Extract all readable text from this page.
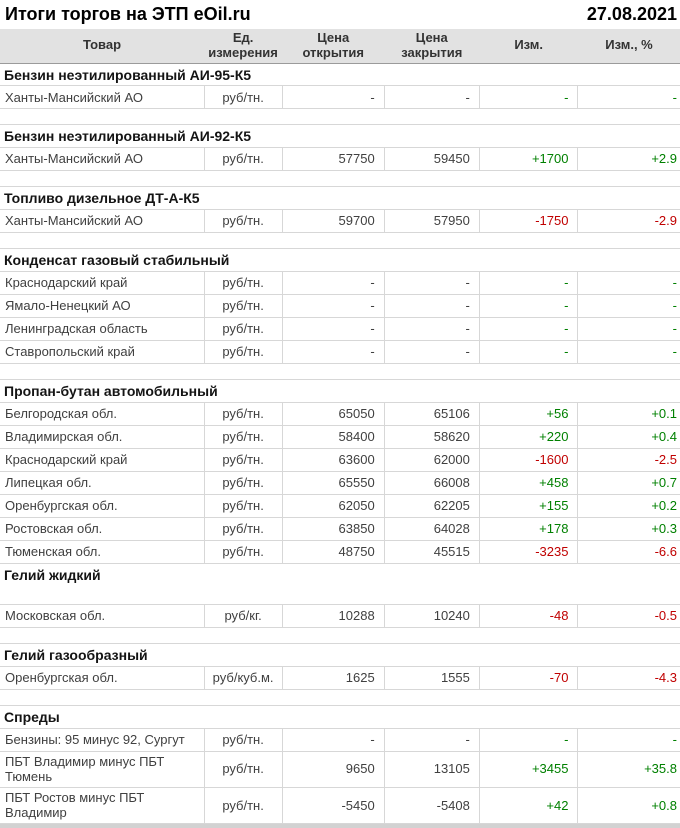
Итоги торгов на ЭТП eOil.ru	27.08.2021
Товар	Ед. измерения	Цена открытия	Цена закрытия	Изм.	Изм., %
Бензин неэтилированный АИ-95-К5					
Ханты-Мансийский АО	руб/тн.	-	-	-	-

Бензин неэтилированный АИ-92-К5					
Ханты-Мансийский АО	руб/тн.	57750	59450	+1700	+2.9

Топливо дизельное ДТ-А-К5					
Ханты-Мансийский АО	руб/тн.	59700	57950	-1750	-2.9

Конденсат газовый стабильный					
Краснодарский край	руб/тн.	-	-	-	-
Ямало-Ненецкий АО	руб/тн.	-	-	-	-
Ленинградская область	руб/тн.	-	-	-	-
Ставропольский край	руб/тн.	-	-	-	-

Пропан-бутан автомобильный					
Белгородская обл.	руб/тн.	65050	65106	+56	+0.1
Владимирская обл.	руб/тн.	58400	58620	+220	+0.4
Краснодарский край	руб/тн.	63600	62000	-1600	-2.5
Липецкая обл.	руб/тн.	65550	66008	+458	+0.7
Оренбургская обл.	руб/тн.	62050	62205	+155	+0.2
Ростовская обл.	руб/тн.	63850	64028	+178	+0.3
Тюменская обл.	руб/тн.	48750	45515	-3235	-6.6
Гелий жидкий					

Московская обл.	руб/кг.	10288	10240	-48	-0.5

Гелий газообразный					
Оренбургская обл.	руб/куб.м.	1625	1555	-70	-4.3

Спреды					
Бензины: 95 минус 92, Сургут	руб/тн.	-	-	-	-
ПБТ Владимир минус ПБТ Тюмень	руб/тн.	9650	13105	+3455	+35.8
ПБТ Ростов минус ПБТ Владимир	руб/тн.	-5450	-5408	+42	+0.8
